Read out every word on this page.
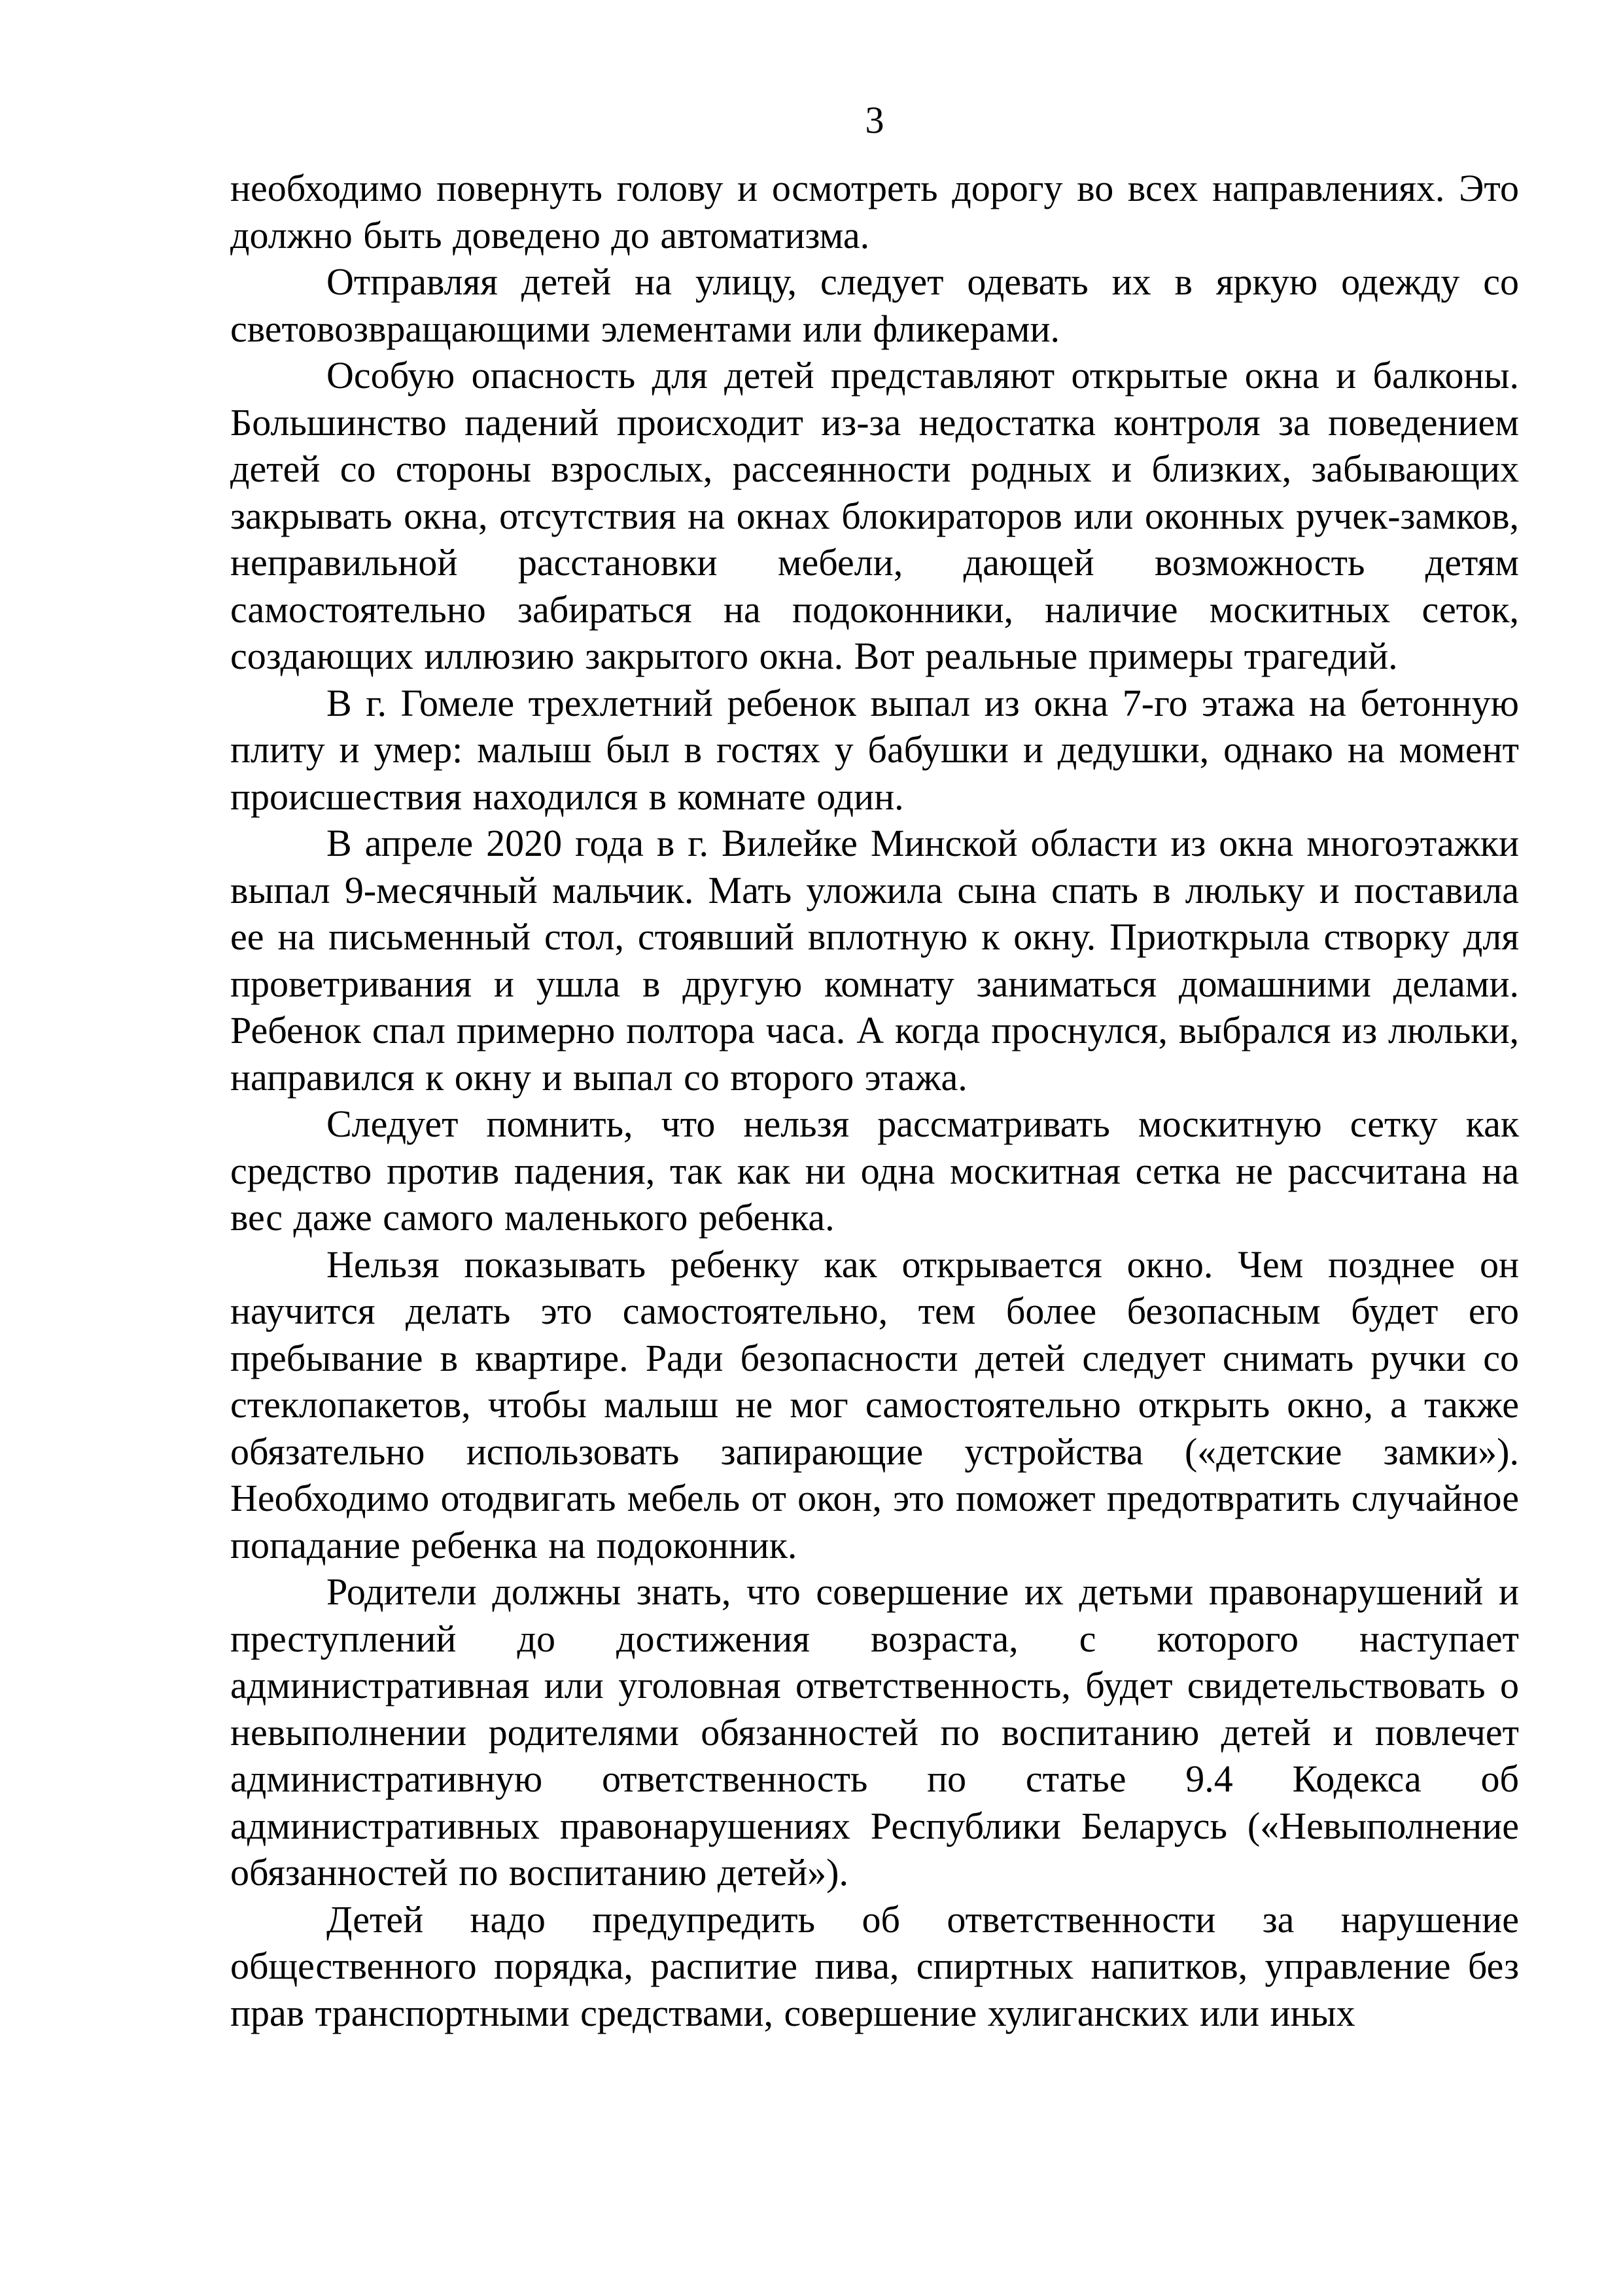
3

необходимо повернуть голову и осмотреть дорогу во всех направлениях. Это должно быть доведено до автоматизма.

Отправляя детей на улицу, следует одевать их в яркую одежду со световозвращающими элементами или фликерами.

Особую опасность для детей представляют открытые окна и балконы. Большинство падений происходит из-за недостатка контроля за поведением детей со стороны взрослых, рассеянности родных и близких, забывающих закрывать окна, отсутствия на окнах блокираторов или оконных ручек-замков, неправильной расстановки мебели, дающей возможность детям самостоятельно забираться на подоконники, наличие москитных сеток, создающих иллюзию закрытого окна. Вот реальные примеры трагедий.

В г. Гомеле трехлетний ребенок выпал из окна 7-го этажа на бетонную плиту и умер: малыш был в гостях у бабушки и дедушки, однако на момент происшествия находился в комнате один.

В апреле 2020 года в г. Вилейке Минской области из окна многоэтажки выпал 9-месячный мальчик. Мать уложила сына спать в люльку и поставила ее на письменный стол, стоявший вплотную к окну. Приоткрыла створку для проветривания и ушла в другую комнату заниматься домашними делами. Ребенок спал примерно полтора часа. А когда проснулся, выбрался из люльки, направился к окну и выпал со второго этажа.

Следует помнить, что нельзя рассматривать москитную сетку как средство против падения, так как ни одна москитная сетка не рассчитана на вес даже самого маленького ребенка.

Нельзя показывать ребенку как открывается окно. Чем позднее он научится делать это самостоятельно, тем более безопасным будет его пребывание в квартире. Ради безопасности детей следует снимать ручки со стеклопакетов, чтобы малыш не мог самостоятельно открыть окно, а также обязательно использовать запирающие устройства («детские замки»). Необходимо отодвигать мебель от окон, это поможет предотвратить случайное попадание ребенка на подоконник.

Родители должны знать, что совершение их детьми правонарушений и преступлений до достижения возраста, с которого наступает административная или уголовная ответственность, будет свидетельствовать о невыполнении родителями обязанностей по воспитанию детей и повлечет административную ответственность по статье 9.4 Кодекса об административных правонарушениях Республики Беларусь («Невыполнение обязанностей по воспитанию детей»).

Детей надо предупредить об ответственности за нарушение общественного порядка, распитие пива, спиртных напитков, управление без прав транспортными средствами, совершение хулиганских или иных
